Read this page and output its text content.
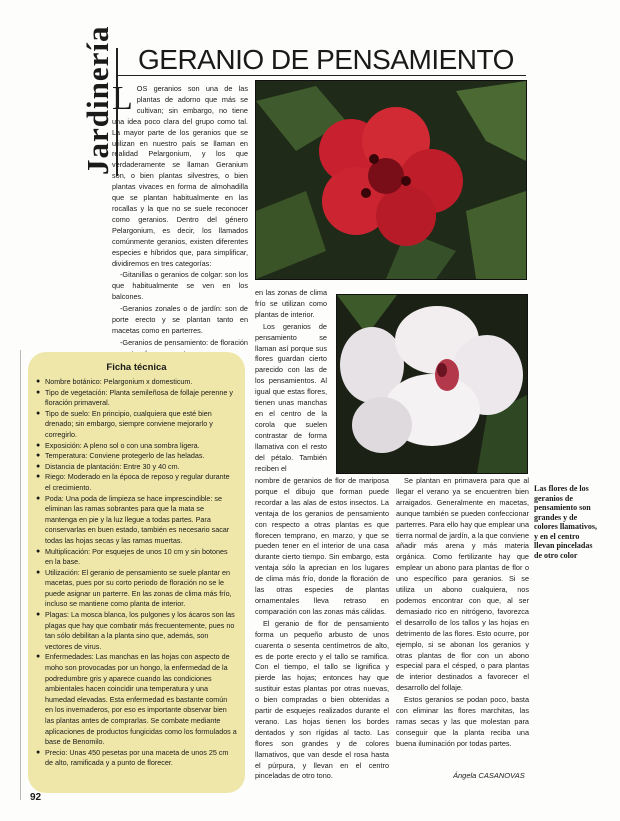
Jardinería GERANIO DE PENSAMIENTO

LOS geranios son una de las plantas de adorno que más se cultivan; sin embargo, no tiene una idea poco clara del grupo como tal. La mayor parte de los geranios que se utilizan en nuestro país se llaman en realidad Pelargonium, y los que verdaderamente se llaman Geranium son, o bien plantas silvestres, o bien plantas vivaces en forma de almohadilla que se plantan habitualmente en las rocallas y la que no se suele reconocer como geranios. Dentro del género Pelargonium, es decir, los llamados comúnmente geranios, existen diferentes especies e híbridos que, para simplificar, dividiremos en tres categorías:

-Gitanillas o geranios de colgar: son los que habitualmente se ven en los balcones.

-Geranios zonales o de jardín: son de porte erecto y se plantan tanto en macetas como en parterres.

-Geranios de pensamiento: de floración

en las zonas de clima frío se utilizan como plantas de interior.

Los geranios de pensamiento se llaman así porque sus flores guardan cierto parecido con las de los pensamientos. Al igual que estas flores, tienen unas manchas en el centro de la corola que suelen contrastar de forma llamativa con el resto del pétalo. También reciben el

nombre de geranios de flor de mariposa porque el dibujo que forman puede recordar a las alas de estos insectos. La ventaja de los geranios de pensamiento con respecto a otras plantas es que florecen temprano, en marzo, y que se pueden tener en el interior de una casa durante cierto tiempo. Sin embargo, esta ventaja sólo la aprecian en los lugares de clima más frío, donde la floración de las otras especies de plantas ornamentales lleva retraso en comparación con las zonas más cálidas.

El geranio de flor de pensamiento forma un pequeño arbusto de unos cuarenta o sesenta centímetros de alto, es de porte erecto y el tallo se ramifica. Con el tiempo, el tallo se lignifica y pierde las hojas; entonces hay que sustituir estas plantas por otras nuevas, o bien compradas o bien obtenidas a partir de esquejes realizados durante el verano. Las hojas tienen los bordes dentados y son rígidas al tacto. Las flores son grandes y de colores llamativos, que van desde el rosa hasta el púrpura, y llevan en el centro pinceladas de otro tono.

Se plantan en primavera para que al llegar el verano ya se encuentren bien arraigados. Generalmente en macetas, aunque también se pueden confeccionar parterres. Para ello hay que emplear una tierra normal de jardín, a la que conviene añadir más arena y más materia orgánica. Como fertilizante hay que emplear un abono para plantas de flor o uno específico para geranios. Si se utiliza un abono cualquiera, nos podemos encontrar con que, al ser demasiado rico en nitrógeno, favorezca el desarrollo de los tallos y las hojas en detrimento de las flores. Esto ocurre, por ejemplo, si se abonan los geranios y otras plantas de flor con un abono especial para el césped, o para plantas de interior destinados a favorecer el desarrollo del follaje.

Estos geranios se podan poco, basta con eliminar las flores marchitas, las ramas secas y las que molestan para conseguir que la planta reciba una buena iluminación por todas partes.

Las flores de los geranios de pensamiento son grandes y de colores llamativos, y en el centro llevan pinceladas de otro color
Ficha técnica
● Nombre botánico: Pelargonium x domesticum.
● Tipo de vegetación: Planta semileñosa de follaje perenne y floración primaveral.
● Tipo de suelo: En principio, cualquiera que esté bien drenado; sin embargo, siempre conviene mejorarlo y corregirlo.
● Exposición: A pleno sol o con una sombra ligera.
● Temperatura: Conviene protegerlo de las heladas.
● Distancia de plantación: Entre 30 y 40 cm.
● Riego: Moderado en la época de reposo y regular durante el crecimiento.
● Poda: Una poda de limpieza se hace imprescindible: se eliminan las ramas sobrantes para que la mata se mantenga en pie y la luz llegue a todas partes. Para conservarlas en buen estado, también es necesario sacar todas las hojas secas y las ramas muertas.
● Multiplicación: Por esquejes de unos 10 cm y sin botones en la base.
● Utilización: El geranio de pensamiento se suele plantar en macetas, pues por su corto periodo de floración no se le puede asignar un parterre. En las zonas de clima más frío, incluso se mantiene como planta de interior.
● Plagas: La mosca blanca, los pulgones y los ácaros son las plagas que hay que combatir más frecuentemente, pues no tan sólo debilitan a la planta sino que, además, son vectores de virus.
● Enfermedades: Las manchas en las hojas con aspecto de moho son provocadas por un hongo, la enfermedad de la podredumbre gris y aparece cuando las condiciones ambientales hacen coincidir una temperatura y una humedad elevadas. Esta enfermedad es bastante común en los invernaderos, por eso es importante observar bien las plantas antes de comprarlas. Se combate mediante aplicaciones de productos fungicidas como los formulados a base de Benomilo.
● Precio: Unas 450 pesetas por una maceta de unos 25 cm de alto, ramificada y a punto de florecer.
Ángela CASANOVAS
92
